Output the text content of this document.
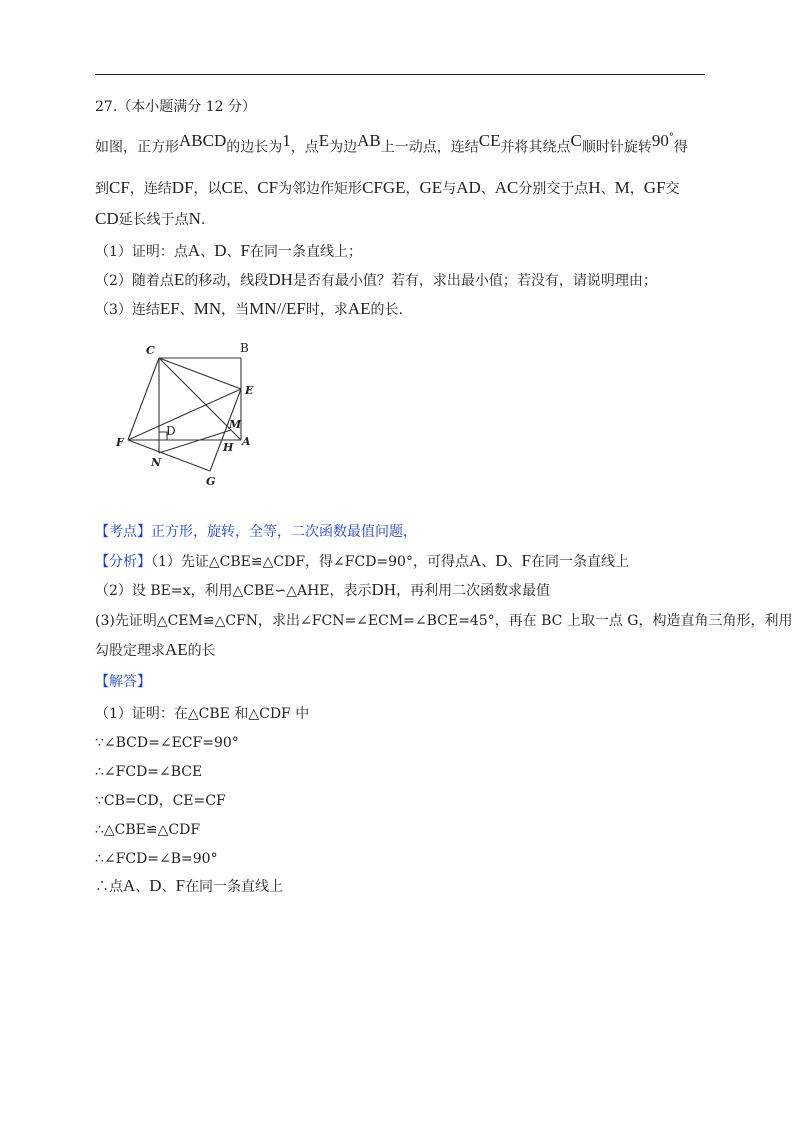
27.（本小题满分 12 分）
如图，正方形ABCD的边长为1，点E为边AB上一动点，连结CE并将其绕点C顺时针旋转90°得
到CF，连结DF，以CE、CF为邻边作矩形CFGE，GE与AD、AC分别交于点H、M，GF交
CD延长线于点N.
（1）证明：点A、D、F在同一条直线上；
（2）随着点E的移动，线段DH是否有最小值？若有，求出最小值；若没有，请说明理由；
（3）连结EF、MN，当MN//EF时，求AE的长.
C	B
E
D	M
F	A
H
N
G
【考点】正方形，旋转，全等，二次函数最值问题，
【分析】（1）先证△CBE≌△CDF，得∠FCD=90°，可得点A、D、F在同一条直线上
（2）设 BE=x，利用△CBE∽△AHE，表示DH，再利用二次函数求最值
(3)先证明△CEM≌△CFN，求出∠FCN=∠ECM=∠BCE=45°，再在 BC 上取一点 G，构造直角三角形，利用
勾股定理求AE的长
【解答】
（1）证明：在△CBE 和△CDF 中
∵∠BCD=∠ECF=90°
∴∠FCD=∠BCE
∵CB=CD，CE=CF
∴△CBE≌△CDF
∴∠FCD=∠B=90°
∴点A、D、F在同一条直线上
